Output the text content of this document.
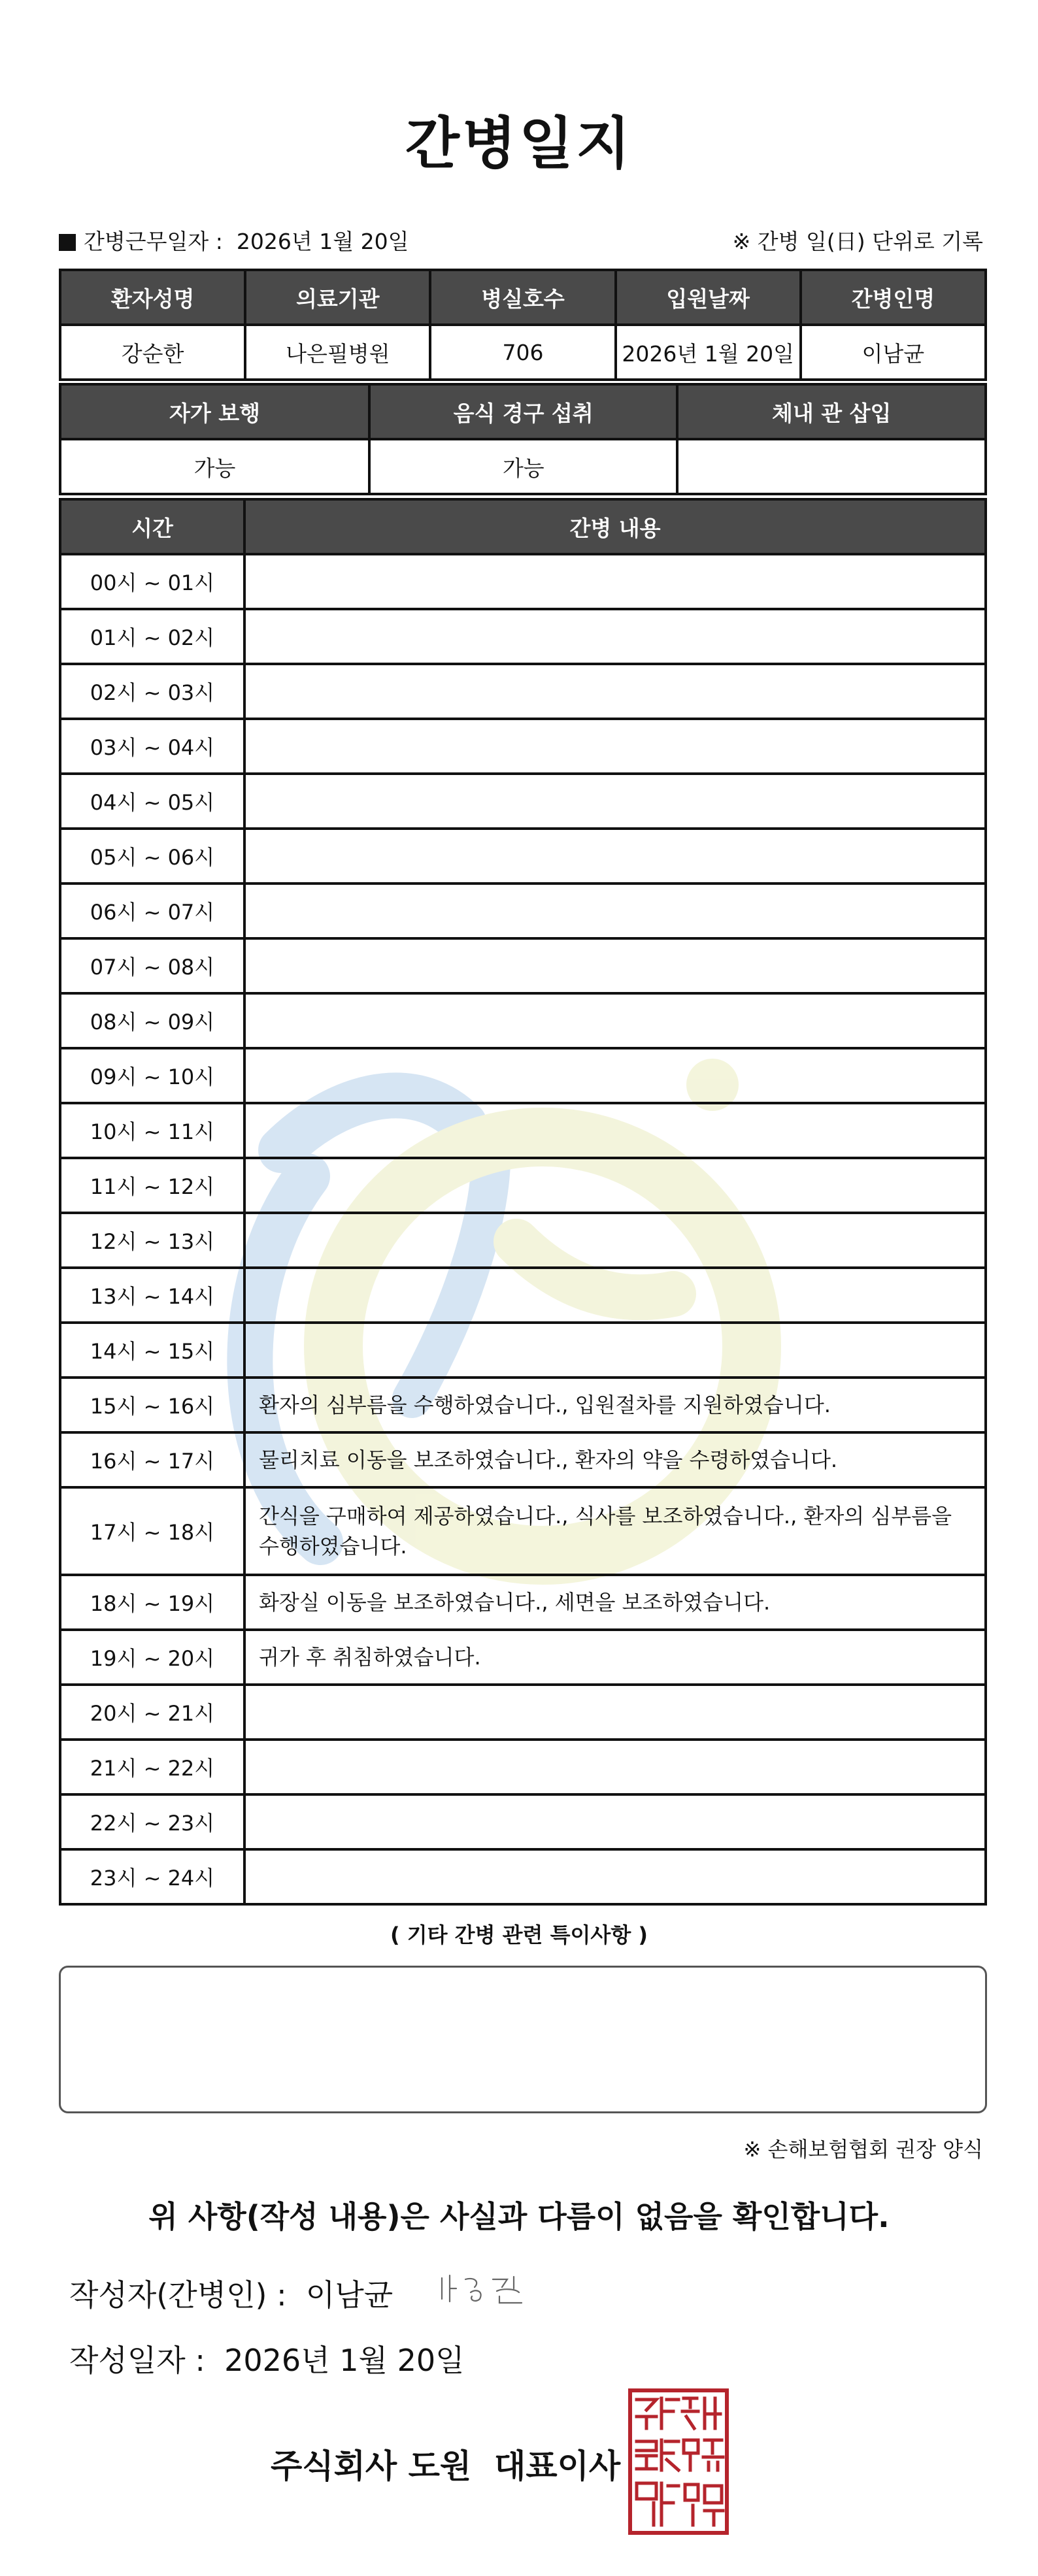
간병일지
간병근무일자 : 2026년 1월 20일	※ 간병 일(日) 단위로 기록
환자성명	의료기관	병실호수	입원날짜	간병인명
강순한	나은필병원	706	2026년 1월 20일	이남균
자가 보행	음식 경구 섭취	체내 관 삽입
가능	가능	
시간	간병 내용
00시 ~ 01시	
01시 ~ 02시	
02시 ~ 03시	
03시 ~ 04시	
04시 ~ 05시	
05시 ~ 06시	
06시 ~ 07시	
07시 ~ 08시	
08시 ~ 09시	
09시 ~ 10시	
10시 ~ 11시	
11시 ~ 12시	
12시 ~ 13시	
13시 ~ 14시	
14시 ~ 15시	
15시 ~ 16시	환자의 심부름을 수행하였습니다., 입원절차를 지원하였습니다.
16시 ~ 17시	물리치료 이동을 보조하였습니다., 환자의 약을 수령하였습니다.
17시 ~ 18시	간식을 구매하여 제공하였습니다., 식사를 보조하였습니다., 환자의 심부름을 수행하였습니다.
18시 ~ 19시	화장실 이동을 보조하였습니다., 세면을 보조하였습니다.
19시 ~ 20시	귀가 후 취침하였습니다.
20시 ~ 21시	
21시 ~ 22시	
22시 ~ 23시	
23시 ~ 24시	
( 기타 간병 관련 특이사항 )
※ 손해보험협회 권장 양식
위 사항(작성 내용)은 사실과 다름이 없음을 확인합니다.
작성자(간병인) : 이남균
작성일자 : 2026년 1월 20일
주식회사 도원  대표이사
